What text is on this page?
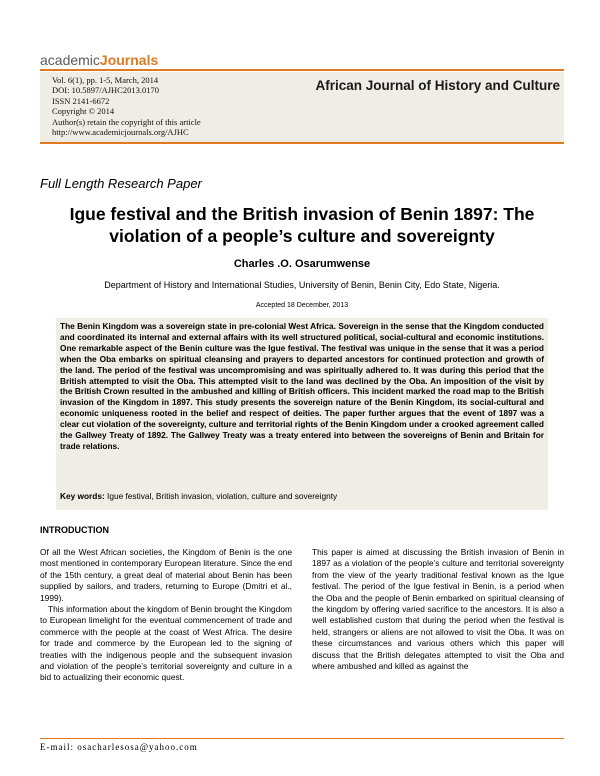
academicJournals
Vol. 6(1), pp. 1-5, March, 2014
DOI: 10.5897/AJHC2013.0170
ISSN 2141-6672
Copyright © 2014
Author(s) retain the copyright of this article
http://www.academicjournals.org/AJHC
African Journal of History and Culture
Full Length Research Paper
Igue festival and the British invasion of Benin 1897: The violation of a people’s culture and sovereignty
Charles .O. Osarumwense
Department of History and International Studies, University of Benin, Benin City, Edo State, Nigeria.
Accepted 18 December, 2013
The Benin Kingdom was a sovereign state in pre-colonial West Africa. Sovereign in the sense that the Kingdom conducted and coordinated its internal and external affairs with its well structured political, social-cultural and economic institutions. One remarkable aspect of the Benin culture was the Igue festival. The festival was unique in the sense that it was a period when the Oba embarks on spiritual cleansing and prayers to departed ancestors for continued protection and growth of the land. The period of the festival was uncompromising and was spiritually adhered to. It was during this period that the British attempted to visit the Oba. This attempted visit to the land was declined by the Oba. An imposition of the visit by the British Crown resulted in the ambushed and killing of British officers. This incident marked the road map to the British invasion of the Kingdom in 1897. This study presents the sovereign nature of the Benin Kingdom, its social-cultural and economic uniqueness rooted in the belief and respect of deities. The paper further argues that the event of 1897 was a clear cut violation of the sovereignty, culture and territorial rights of the Benin Kingdom under a crooked agreement called the Gallwey Treaty of 1892. The Gallwey Treaty was a treaty entered into between the sovereigns of Benin and Britain for trade relations.
Key words: Igue festival, British invasion, violation, culture and sovereignty
INTRODUCTION

Of all the West African societies, the Kingdom of Benin is the one most mentioned in contemporary European literature. Since the end of the 15th century, a great deal of material about Benin has been supplied by sailors, and traders, returning to Europe (Dmitri et al., 1999).

This information about the kingdom of Benin brought the Kingdom to European limelight for the eventual commencement of trade and commerce with the people at the coast of West Africa. The desire for trade and commerce by the European led to the signing of treaties with the indigenous people and the subsequent invasion and violation of the people’s territorial sovereignty and culture in a bid to actualizing their economic quest.

This paper is aimed at discussing the British invasion of Benin in 1897 as a violation of the people’s culture and territorial sovereignty from the view of the yearly traditional festival known as the Igue festival. The period of the Igue festival in Benin, is a period when the Oba and the people of Benin embarked on spiritual cleansing of the kingdom by offering varied sacrifice to the ancestors. It is also a well established custom that during the period when the festival is held, strangers or aliens are not allowed to visit the Oba. It was on these circumstances and various others which this paper will discuss that the British delegates attempted to visit the Oba and where ambushed and killed as against the

E-mail: osacharlesosa@yahoo.com
